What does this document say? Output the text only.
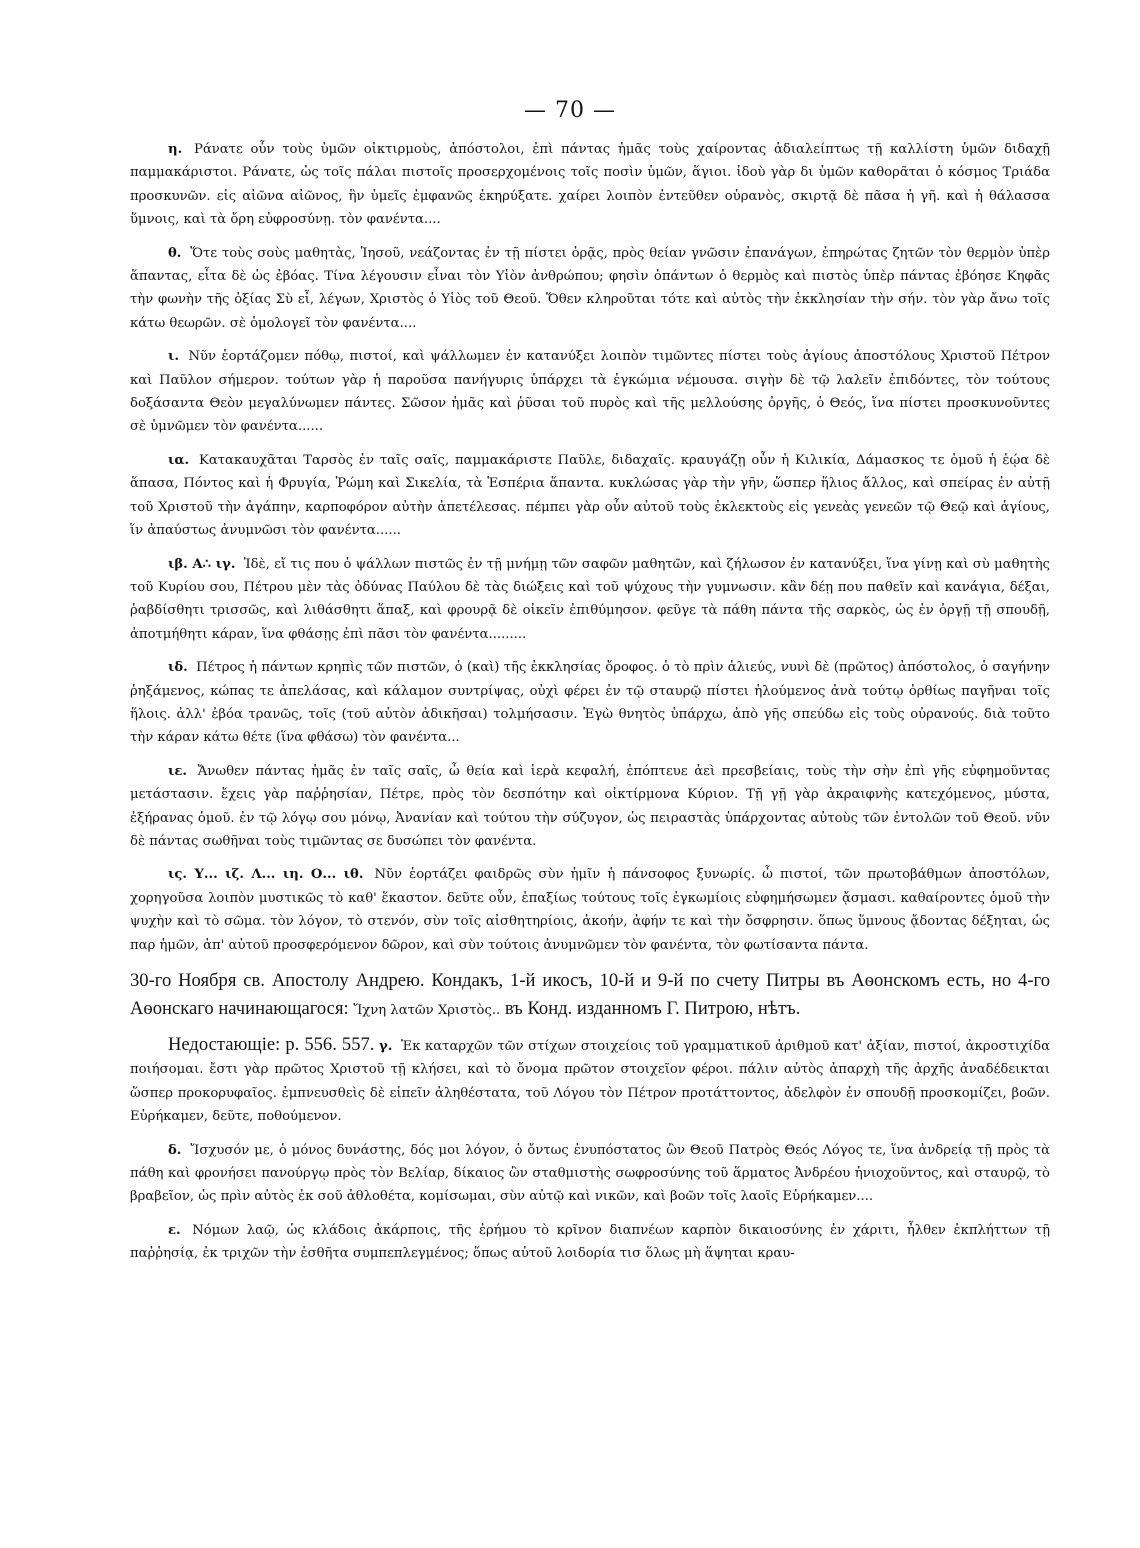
— 70 —

η. Ράνατε οὖν τοὺς ὑμῶν οἰκτιρμοὺς, ἀπόστολοι, ἐπὶ πάντας ἡμᾶς τοὺς χαίροντας ἀδιαλείπτως τῇ καλλίστη ὑμῶν διδαχῇ παμμακάριστοι. Ράνατε, ὡς τοῖς πάλαι πιστοῖς προσερχομένοις τοῖς ποσὶν ὑμῶν, ἅγιοι. ἰδοὺ γὰρ δι ὑμῶν καθορᾶται ὁ κόσμος Τριάδα προσκυνῶν. εἰς αἰῶνα αἰῶνος, ἣν ὑμεῖς ἐμφανῶς ἐκηρύξατε. χαίρει λοιπὸν ἐντεῦθεν οὐρανὸς, σκιρτᾷ δὲ πᾶσα ἡ γῆ. καὶ ἡ θάλασσα ὕμνοις, καὶ τὰ ὄρη εὐφροσύνῃ. τὸν φανέντα....

θ. Ὅτε τοὺς σοὺς μαθητὰς, Ἰησοῦ, νεάζοντας ἐν τῇ πίστει ὁρᾷς, πρὸς θείαν γνῶσιν ἐπανάγων, ἐπηρώτας ζητῶν τὸν θερμὸν ὑπὲρ ἅπαντας, εἶτα δὲ ὡς ἐβόας. Τίνα λέγουσιν εἶναι τὸν Υἱὸν ἀνθρώπου; φησὶν ὁπάντων ὁ θερμὸς καὶ πιστὸς ὑπὲρ πάντας ἐβόησε Κηφᾶς τὴν φωνὴν τῆς ὀξίας Σὺ εἶ, λέγων, Χριστὸς ὁ Υἱὸς τοῦ Θεοῦ. Ὅθεν κληροῦται τότε καὶ αὐτὸς τὴν ἐκκλησίαν τὴν σήν. τὸν γὰρ ἄνω τοῖς κάτω θεωρῶν. σὲ ὁμολογεῖ τὸν φανέντα....

ι. Νῦν ἑορτάζομεν πόθῳ, πιστοί, καὶ ψάλλωμεν ἐν κατανύξει λοιπὸν τιμῶντες πίστει τοὺς ἁγίους ἀποστόλους Χριστοῦ Πέτρον καὶ Παῦλον σήμερον. τούτων γὰρ ἡ παροῦσα πανήγυρις ὑπάρχει τὰ ἐγκώμια νέμουσα. σιγὴν δὲ τῷ λαλεῖν ἐπιδόντες, τὸν τούτους δοξάσαντα Θεὸν μεγαλύνωμεν πάντες. Σῶσον ἡμᾶς καὶ ῥῦσαι τοῦ πυρὸς καὶ τῆς μελλούσης ὀργῆς, ὁ Θεός, ἵνα πίστει προσκυνοῦντες σὲ ὑμνῶμεν τὸν φανέντα......

ια. Κατακαυχᾶται Ταρσὸς ἐν ταῖς σαῖς, παμμακάριστε Παῦλε, διδαχαῖς. κραυγάζῃ οὖν ἡ Κιλικία, Δάμασκος τε ὁμοῦ ἡ ἑῴα δὲ ἅπασα, Πόντος καὶ ἡ Φρυγία, Ῥώμη καὶ Σικελία, τὰ Ἑσπέρια ἅπαντα. κυκλώσας γὰρ τὴν γῆν, ὥσπερ ἥλιος ἄλλος, καὶ σπείρας ἐν αὐτῇ τοῦ Χριστοῦ τὴν ἀγάπην, καρποφόρον αὐτὴν ἀπετέλεσας. πέμπει γὰρ οὖν αὐτοῦ τοὺς ἐκλεκτοὺς εἰς γενεὰς γενεῶν τῷ Θεῷ καὶ ἁγίους, ἵν ἀπαύστως ἀνυμνῶσι τὸν φανέντα......

ιβ. Α∴ ιγ. Ἰδὲ, εἴ τις που ὁ ψάλλων πιστῶς ἐν τῇ μνήμῃ τῶν σαφῶν μαθητῶν, καὶ ζήλωσον ἐν κατανύξει, ἵνα γίνῃ καὶ σὺ μαθητὴς τοῦ Κυρίου σου, Πέτρου μὲν τὰς ὀδύνας Παύλου δὲ τὰς διώξεις καὶ τοῦ ψύχους τὴν γυμνωσιν. κἂν δέῃ που παθεῖν καὶ κανάγια, δέξαι, ῥαβδίσθητι τρισσῶς, καὶ λιθάσθητι ἅπαξ, καὶ φρουρᾷ δὲ οἰκεῖν ἐπιθύμησον. φεῦγε τὰ πάθη πάντα τῆς σαρκὸς, ὡς ἐν ὀργῇ τῇ σπουδῇ, ἀποτμήθητι κάραν, ἵνα φθάσῃς ἐπὶ πᾶσι τὸν φανέντα.........

ιδ. Πέτρος ἡ πάντων κρηπὶς τῶν πιστῶν, ὁ (καὶ) τῆς ἐκκλησίας ὄροφος. ὁ τὸ πρὶν ἁλιεύς, νυνὶ δὲ (πρῶτος) ἀπόστολος, ὁ σαγήνην ῥηξάμενος, κώπας τε ἀπελάσας, καὶ κάλαμον συντρίψας, οὐχὶ φέρει ἐν τῷ σταυρῷ πίστει ἡλούμενος ἀνὰ τούτῳ ὀρθίως παγῆναι τοῖς ἥλοις. ἀλλ' ἐβόα τρανῶς, τοῖς (τοῦ αὐτὸν ἀδικῆσαι) τολμήσασιν. Ἐγὼ θνητὸς ὑπάρχω, ἀπὸ γῆς σπεύδω εἰς τοὺς οὐρανούς. διὰ τοῦτο τὴν κάραν κάτω θέτε (ἵνα φθάσω) τὸν φανέντα...

ιε. Ἄνωθεν πάντας ἡμᾶς ἐν ταῖς σαῖς, ὦ θεία καὶ ἱερὰ κεφαλή, ἐπόπτευε ἀεὶ πρεσβείαις, τοὺς τὴν σὴν ἐπὶ γῆς εὐφημοῦντας μετάστασιν. ἔχεις γὰρ παῤῥησίαν, Πέτρε, πρὸς τὸν δεσπότην καὶ οἰκτίρμονα Κύριον. Τῇ γῇ γὰρ ἀκραιφνὴς κατεχόμενος, μύστα, ἐξήρανας ὁμοῦ. ἐν τῷ λόγῳ σου μόνῳ, Ἀνανίαν καὶ τούτου τὴν σύζυγον, ὡς πειραστὰς ὑπάρχοντας αὐτοὺς τῶν ἐντολῶν τοῦ Θεοῦ. νῦν δὲ πάντας σωθῆναι τοὺς τιμῶντας σε δυσώπει τὸν φανέντα.

ις. Υ... ιζ. Λ... ιη. Ο... ιθ. Νῦν ἑορτάζει φαιδρῶς σὺν ἡμῖν ἡ πάνσοφος ξυνωρίς. ὦ πιστοί, τῶν πρωτοβάθμων ἀποστόλων, χορηγοῦσα λοιπὸν μυστικῶς τὸ καθ' ἕκαστον. δεῦτε οὖν, ἐπαξίως τούτους τοῖς ἐγκωμίοις εὐφημήσωμεν ᾄσμασι. καθαίροντες ὁμοῦ τὴν ψυχὴν καὶ τὸ σῶμα. τὸν λόγον, τὸ στενόν, σὺν τοῖς αἰσθητηρίοις, ἀκοήν, ἀφήν τε καὶ τὴν ὄσφρησιν. ὅπως ὕμνους ᾄδοντας δέξηται, ὡς παρ ἡμῶν, ἀπ' αὐτοῦ προσφερόμενον δῶρον, καὶ σὺν τούτοις ἀνυμνῶμεν τὸν φανέντα, τὸν φωτίσαντα πάντα.

30-го Ноября св. Апостолу Андрею. Кондакъ, 1-й икосъ, 10-й и 9-й по счету Питры въ Аѳонскомъ есть, но 4-го Аѳонскаго начинающагося: Ἴχνη λατῶν Χριστὸς.. въ Конд. изданномъ Г. Питрою, нѣтъ.

Недостающіе: р. 556. 557. γ. Ἐκ καταρχῶν τῶν στίχων στοιχείοις τοῦ γραμματικοῦ ἀριθμοῦ κατ' ἀξίαν, πιστοί, ἀκροστιχίδα ποιήσομαι. ἔστι γὰρ πρῶτος Χριστοῦ τῇ κλήσει, καὶ τὸ ὄνομα πρῶτον στοιχεῖον φέροι. πάλιν αὐτὸς ἀπαρχὴ τῆς ἀρχῆς ἀναδέδεικται ὥσπερ προκορυφαῖος. ἐμπνευσθεὶς δὲ εἰπεῖν ἀληθέστατα, τοῦ Λόγου τὸν Πέτρον προτάττοντος, ἀδελφὸν ἐν σπουδῇ προσκομίζει, βοῶν. Εὑρήκαμεν, δεῦτε, ποθούμενον.

δ. Ἴσχυσόν με, ὁ μόνος δυνάστης, δός μοι λόγον, ὁ ὄντως ἐνυπόστατος ὢν Θεοῦ Πατρὸς Θεός Λόγος τε, ἵνα ἀνδρείᾳ τῇ πρὸς τὰ πάθη καὶ φρονήσει πανούργῳ πρὸς τὸν Βελίαρ, δίκαιος ὢν σταθμιστὴς σωφροσύνης τοῦ ἅρματος Ἀνδρέου ἡνιοχοῦντος, καὶ σταυρῷ, τὸ βραβεῖον, ὡς πρὶν αὐτὸς ἐκ σοῦ ἀθλοθέτα, κομίσωμαι, σὺν αὐτῷ καὶ νικῶν, καὶ βοῶν τοῖς λαοῖς Εὑρήκαμεν....

ε. Νόμων λαῷ, ὡς κλάδοις ἀκάρποις, τῆς ἐρήμου τὸ κρῖνον διαπνέων καρπὸν δικαιοσύνης ἐν χάριτι, ἦλθεν ἐκπλήττων τῇ παῤῥησίᾳ, ἐκ τριχῶν τὴν ἐσθῆτα συμπεπλεγμένος; ὅπως αὐτοῦ λοιδορία τισ ὅλως μὴ ἅψηται κραυ-
